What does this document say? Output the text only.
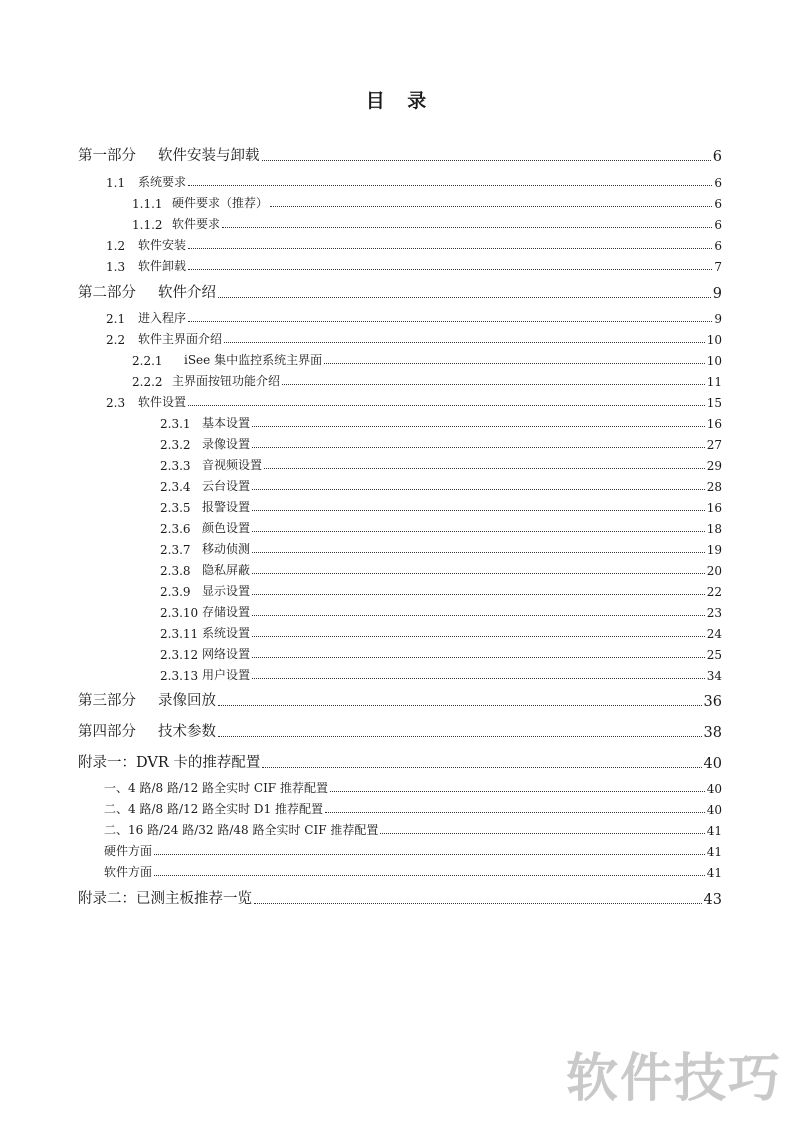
目 录
第一部分	软件安装与卸载	6
1.1	系统要求	6
1.1.1 硬件要求（推荐）	6
1.1.2 软件要求	6
1.2	软件安装	6
1.3	软件卸载	7
第二部分	软件介绍	9
2.1	进入程序	9
2.2	软件主界面介绍	10
2.2.1	iSee 集中监控系统主界面	10
2.2.2 主界面按钮功能介绍	11
2.3	软件设置	15
2.3.1 基本设置	16
2.3.2 录像设置	27
2.3.3 音视频设置	29
2.3.4 云台设置	28
2.3.5 报警设置	16
2.3.6 颜色设置	18
2.3.7 移动侦测	19
2.3.8 隐私屏蔽	20
2.3.9 显示设置	22
2.3.10 存储设置	23
2.3.11 系统设置	24
2.3.12 网络设置	25
2.3.13 用户设置	34
第三部分	录像回放	36
第四部分	技术参数	38
附录一：DVR 卡的推荐配置	40
一、4 路/8 路/12 路全实时 CIF 推荐配置	40
二、4 路/8 路/12 路全实时 D1 推荐配置	40
二、16 路/24 路/32 路/48 路全实时 CIF 推荐配置	41
硬件方面	41
软件方面	41
附录二：已测主板推荐一览	43
软件技巧
